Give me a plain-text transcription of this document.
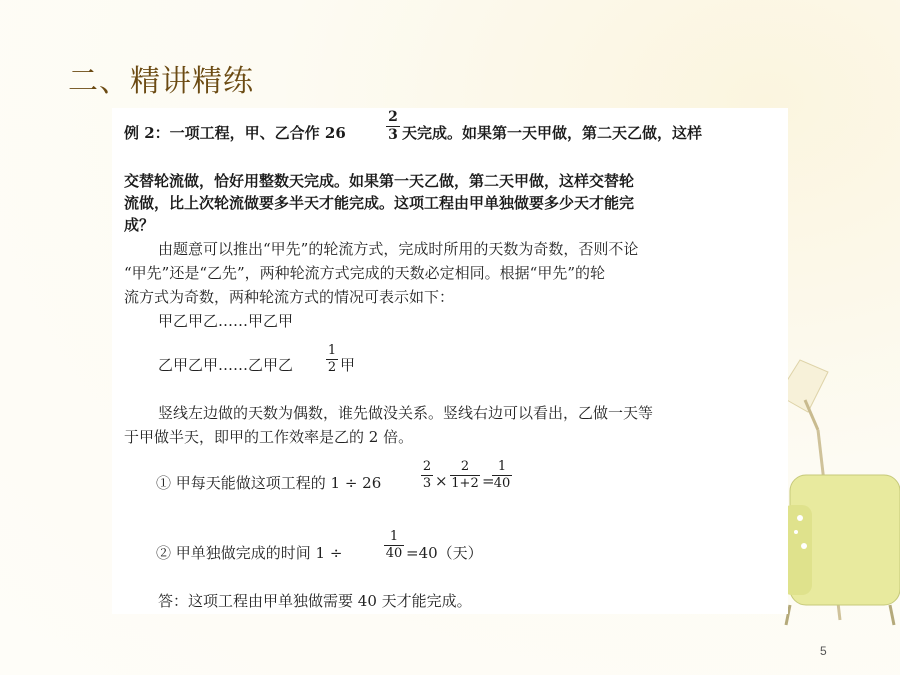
二、精讲精练
例 2：一项工程，甲、乙合作 26
2
3 天完成。如果第一天甲做，第二天乙做，这样
交替轮流做，恰好用整数天完成。如果第一天乙做，第二天甲做，这样交替轮
流做，比上次轮流做要多半天才能完成。这项工程由甲单独做要多少天才能完
成？
由题意可以推出“甲先”的轮流方式，完成时所用的天数为奇数，否则不论
“甲先”还是“乙先”，两种轮流方式完成的天数必定相同。根据“甲先”的轮
流方式为奇数，两种轮流方式的情况可表示如下：
甲乙甲乙……甲乙甲
乙甲乙甲……乙甲乙
1
2 甲
竖线左边做的天数为偶数，谁先做没关系。竖线右边可以看出，乙做一天等
于甲做半天，即甲的工作效率是乙的 2 倍。
① 甲每天能做这项工程的 1 ÷ 26
2
3 ×
2
1+2 =
1
40
② 甲单独做完成的时间 1 ÷
1
40 =40（天）
答：这项工程由甲单独做需要 40 天才能完成。
5
